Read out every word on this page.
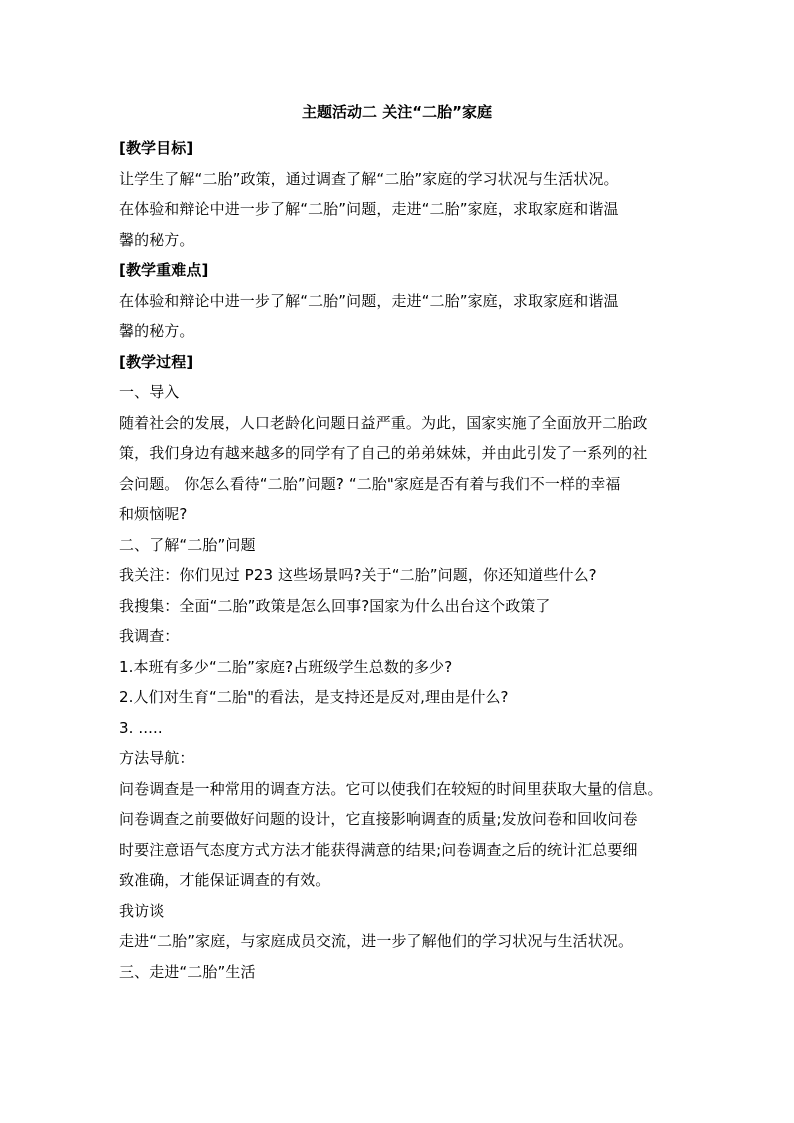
主题活动二 关注“二胎”家庭
[教学目标]
让学生了解“二胎”政策，通过调查了解“二胎”家庭的学习状况与生活状况。
在体验和辩论中进一步了解“二胎”问题，走进“二胎”家庭，求取家庭和谐温
馨的秘方。
[教学重难点]
在体验和辩论中进一步了解“二胎”问题，走进“二胎”家庭，求取家庭和谐温
馨的秘方。
[教学过程]
一、导入
随着社会的发展，人口老龄化问题日益严重。为此，国家实施了全面放开二胎政
策，我们身边有越来越多的同学有了自己的弟弟妹妹，并由此引发了一系列的社
会问题。 你怎么看待“二胎”问题? “二胎"家庭是否有着与我们不一样的幸福
和烦恼呢?
二、了解“二胎”问题
我关注：你们见过 P23 这些场景吗?关于“二胎”问题，你还知道些什么?
我搜集：全面“二胎”政策是怎么回事?国家为什么出台这个政策了
我调查：
1.本班有多少“二胎”家庭?占班级学生总数的多少?
2.人们对生育“二胎"的看法，是支持还是反对,理由是什么?
3. .....
方法导航：
问卷调查是一种常用的调查方法。它可以使我们在较短的时间里获取大量的信息。
问卷调查之前要做好问题的设计，它直接影响调查的质量;发放问卷和回收问卷
时要注意语气态度方式方法才能获得满意的结果;问卷调查之后的统计汇总要细
致准确，才能保证调查的有效。
我访谈
走进“二胎”家庭，与家庭成员交流，进一步了解他们的学习状况与生活状况。
三、走进“二胎”生活
